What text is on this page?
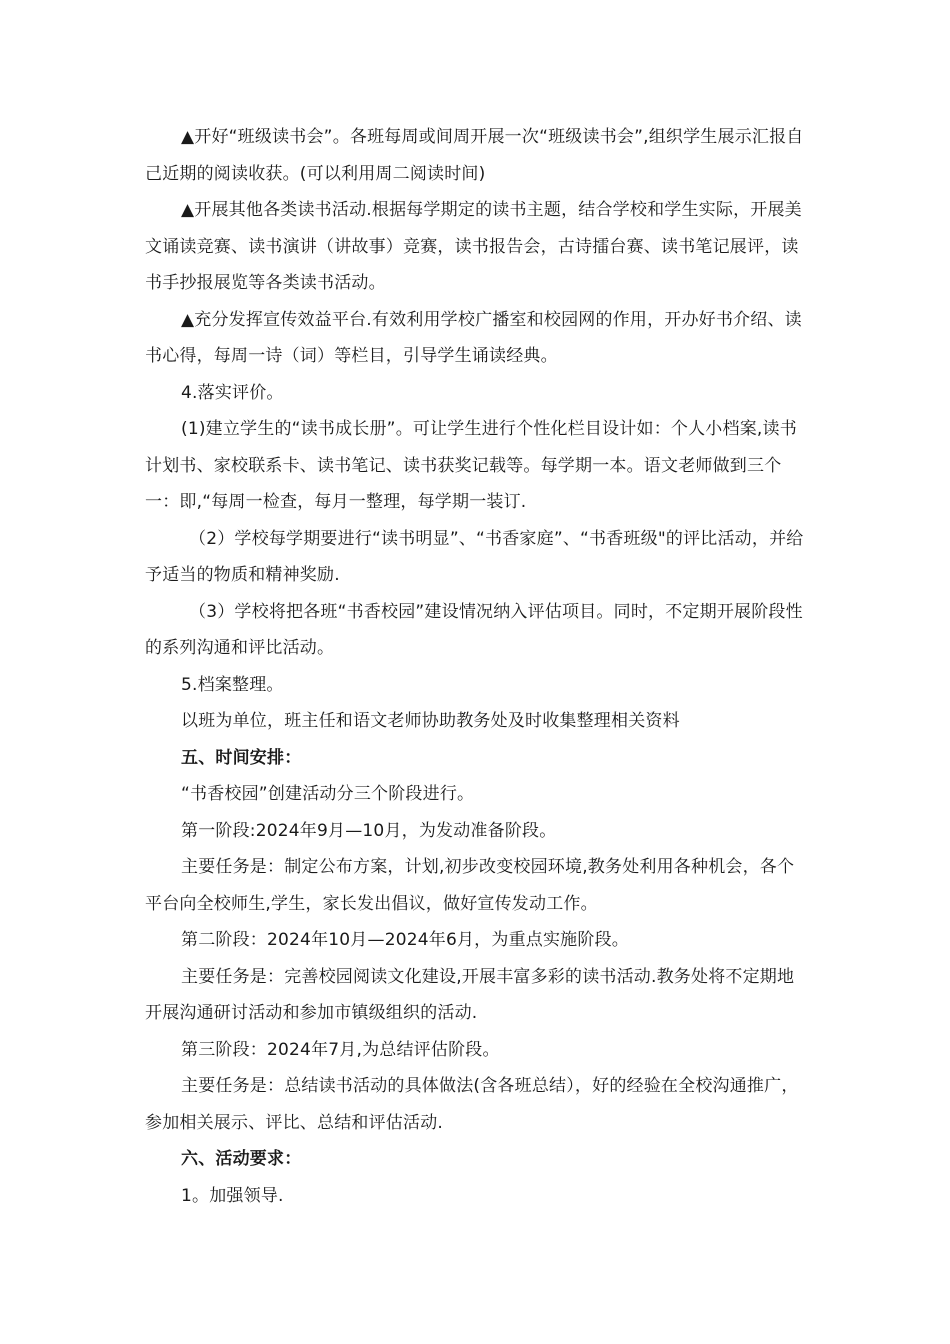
▲开好“班级读书会”。各班每周或间周开展一次“班级读书会”,组织学生展示汇报自己近期的阅读收获。(可以利用周二阅读时间)

▲开展其他各类读书活动.根据每学期定的读书主题，结合学校和学生实际，开展美文诵读竞赛、读书演讲（讲故事）竞赛，读书报告会，古诗擂台赛、读书笔记展评，读书手抄报展览等各类读书活动。

▲充分发挥宣传效益平台.有效利用学校广播室和校园网的作用，开办好书介绍、读书心得，每周一诗（词）等栏目，引导学生诵读经典。

4.落实评价。

(1)建立学生的“读书成长册”。可让学生进行个性化栏目设计如：个人小档案,读书计划书、家校联系卡、读书笔记、读书获奖记载等。每学期一本。语文老师做到三个一：即,“每周一检查，每月一整理，每学期一装订.

（2）学校每学期要进行“读书明显”、“书香家庭”、“书香班级"的评比活动，并给予适当的物质和精神奖励.

（3）学校将把各班“书香校园”建设情况纳入评估项目。同时，不定期开展阶段性的系列沟通和评比活动。

5.档案整理。

以班为单位，班主任和语文老师协助教务处及时收集整理相关资料

五、时间安排：

“书香校园”创建活动分三个阶段进行。

第一阶段:2024年9月—10月，为发动准备阶段。

主要任务是：制定公布方案，计划,初步改变校园环境,教务处利用各种机会，各个平台向全校师生,学生，家长发出倡议，做好宣传发动工作。

第二阶段：2024年10月—2024年6月，为重点实施阶段。

主要任务是：完善校园阅读文化建设,开展丰富多彩的读书活动.教务处将不定期地开展沟通研讨活动和参加市镇级组织的活动.

第三阶段：2024年7月,为总结评估阶段。

主要任务是：总结读书活动的具体做法(含各班总结），好的经验在全校沟通推广，参加相关展示、评比、总结和评估活动.

六、活动要求：

1。加强领导.
